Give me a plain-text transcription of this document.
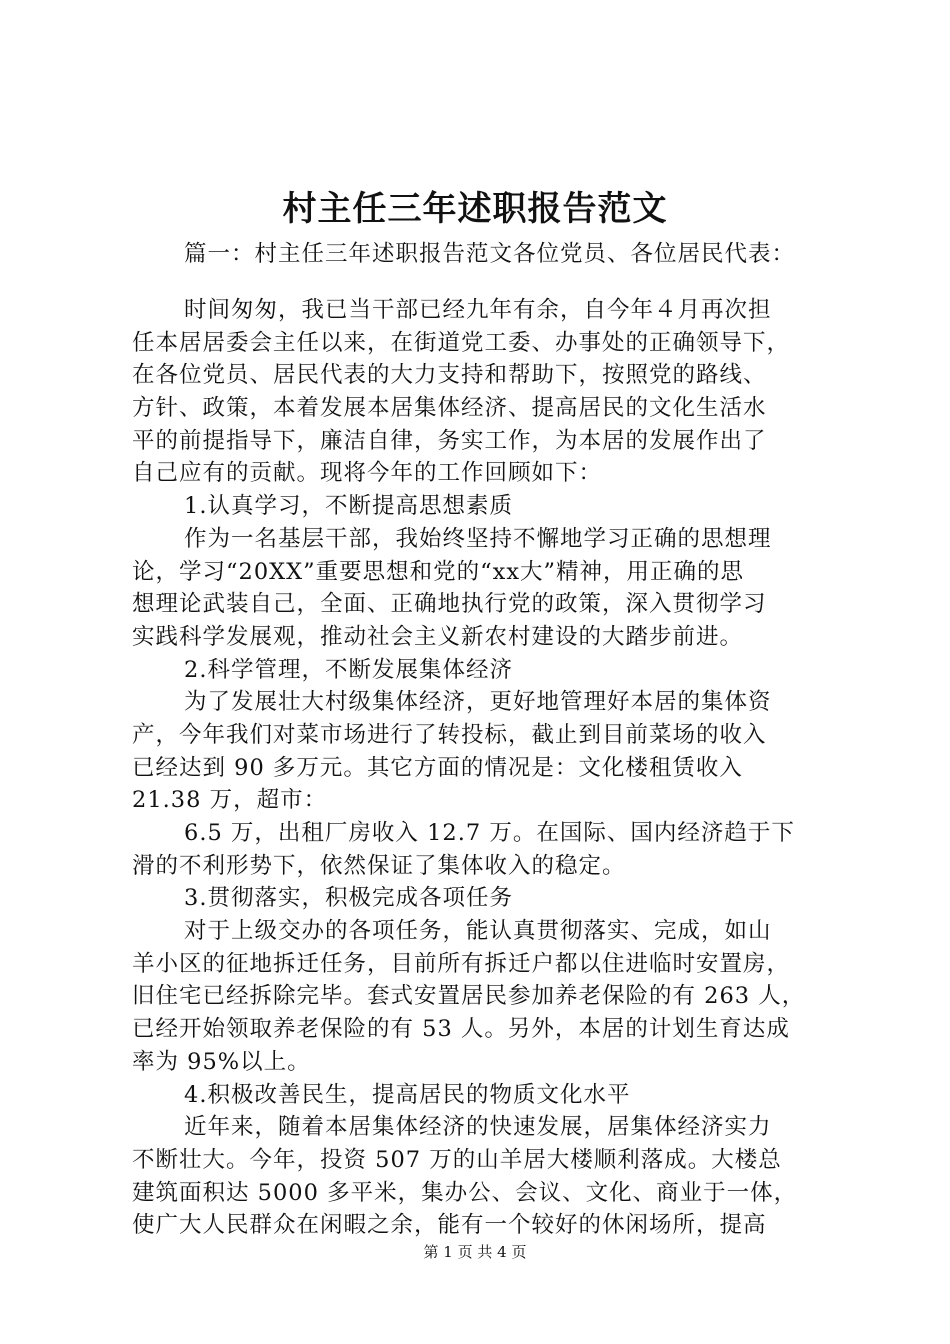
村主任三年述职报告范文
篇一：村主任三年述职报告范文各位党员、各位居民代表：
时间匆匆，我已当干部已经九年有余，自今年４月再次担
任本居居委会主任以来，在街道党工委、办事处的正确领导下，
在各位党员、居民代表的大力支持和帮助下，按照党的路线、
方针、政策，本着发展本居集体经济、提高居民的文化生活水
平的前提指导下，廉洁自律，务实工作，为本居的发展作出了
自己应有的贡献。现将今年的工作回顾如下：
1.认真学习，不断提高思想素质
作为一名基层干部，我始终坚持不懈地学习正确的思想理
论，学习“20XX”重要思想和党的“xx大”精神，用正确的思
想理论武装自己，全面、正确地执行党的政策，深入贯彻学习
实践科学发展观，推动社会主义新农村建设的大踏步前进。
2.科学管理，不断发展集体经济
为了发展壮大村级集体经济，更好地管理好本居的集体资
产，今年我们对菜市场进行了转投标，截止到目前菜场的收入
已经达到 90 多万元。其它方面的情况是：文化楼租赁收入
21.38 万，超市：
6.5 万，出租厂房收入 12.7 万。在国际、国内经济趋于下
滑的不利形势下，依然保证了集体收入的稳定。
3.贯彻落实，积极完成各项任务
对于上级交办的各项任务，能认真贯彻落实、完成，如山
羊小区的征地拆迁任务，目前所有拆迁户都以住进临时安置房，
旧住宅已经拆除完毕。套式安置居民参加养老保险的有 263 人，
已经开始领取养老保险的有 53 人。另外，本居的计划生育达成
率为 95%以上。
4.积极改善民生，提高居民的物质文化水平
近年来，随着本居集体经济的快速发展，居集体经济实力
不断壮大。今年，投资 507 万的山羊居大楼顺利落成。大楼总
建筑面积达 5000 多平米，集办公、会议、文化、商业于一体，
使广大人民群众在闲暇之余，能有一个较好的休闲场所，提高
第 1 页 共 4 页
